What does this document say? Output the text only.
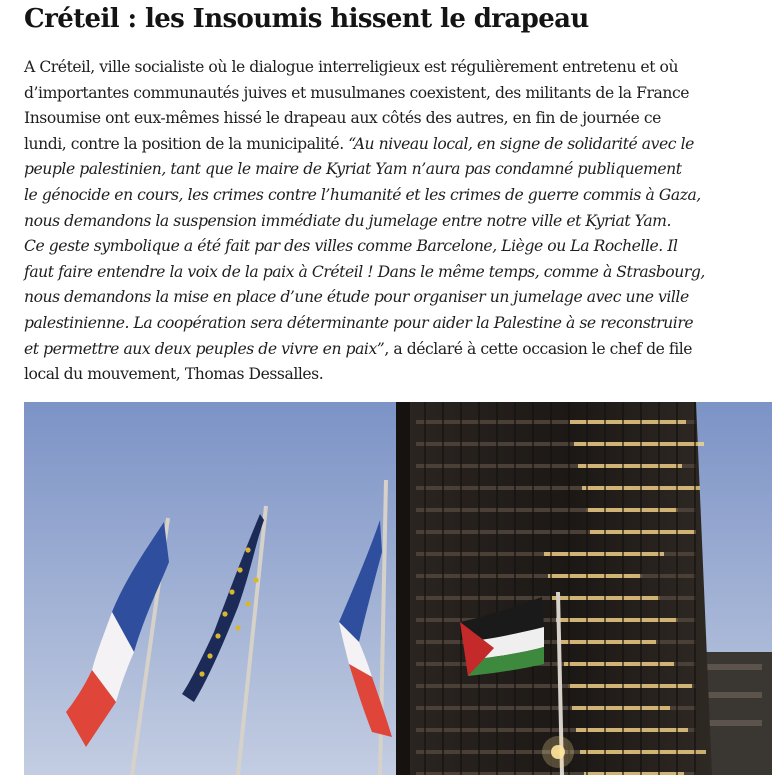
Créteil : les Insoumis hissent le drapeau

A Créteil, ville socialiste où le dialogue interreligieux est régulièrement entretenu et où
d’importantes communautés juives et musulmanes coexistent, des militants de la France
Insoumise ont eux-mêmes hissé le drapeau aux côtés des autres, en fin de journée ce
lundi, contre la position de la municipalité. “Au niveau local, en signe de solidarité avec le
peuple palestinien, tant que le maire de Kyriat Yam n’aura pas condamné publiquement
le génocide en cours, les crimes contre l’humanité et les crimes de guerre commis à Gaza,
nous demandons la suspension immédiate du jumelage entre notre ville et Kyriat Yam.
Ce geste symbolique a été fait par des villes comme Barcelone, Liège ou La Rochelle. Il
faut faire entendre la voix de la paix à Créteil ! Dans le même temps, comme à Strasbourg,
nous demandons la mise en place d’une étude pour organiser un jumelage avec une ville
palestinienne. La coopération sera déterminante pour aider la Palestine à se reconstruire
et permettre aux deux peuples de vivre en paix”, a déclaré à cette occasion le chef de file
local du mouvement, Thomas Dessalles.
